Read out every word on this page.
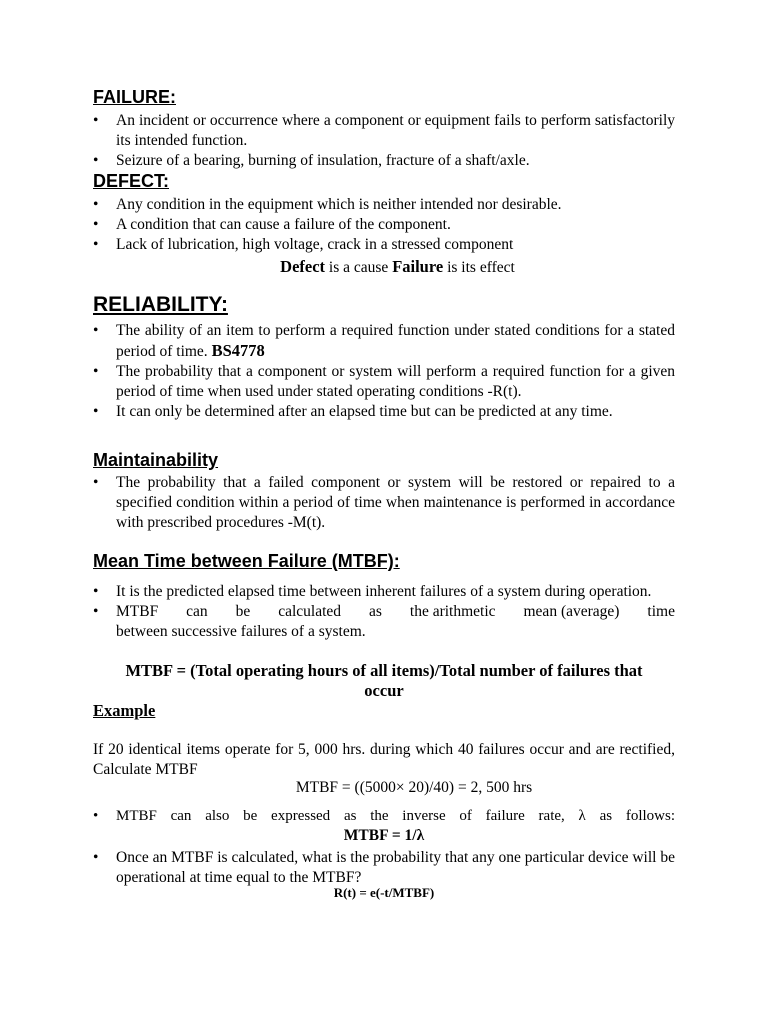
FAILURE:
• An incident or occurrence where a component or equipment fails to perform satisfactorily its intended function.
• Seizure of a bearing, burning of insulation, fracture of a shaft/axle.
DEFECT:
• Any condition in the equipment which is neither intended nor desirable.
• A condition that can cause a failure of the component.
• Lack of lubrication, high voltage, crack in a stressed component
Defect is a cause Failure is its effect
RELIABILITY:
• The ability of an item to perform a required function under stated conditions for a stated period of time. BS4778
• The probability that a component or system will perform a required function for a given period of time when used under stated operating conditions -R(t).
• It can only be determined after an elapsed time but can be predicted at any time.
Maintainability
• The probability that a failed component or system will be restored or repaired to a specified condition within a period of time when maintenance is performed in accordance with prescribed procedures -M(t).
Mean Time between Failure (MTBF):
• It is the predicted elapsed time between inherent failures of a system during operation.
• MTBF can be calculated as the arithmetic mean (average) time
between successive failures of a system.
MTBF = (Total operating hours of all items)/Total number of failures that
occur
Example
If 20 identical items operate for 5, 000 hrs. during which 40 failures occur and are rectified, Calculate MTBF
MTBF = ((5000× 20)/40) = 2, 500 hrs
• MTBF can also be expressed as the inverse of failure rate, λ as follows:
MTBF = 1/λ
• Once an MTBF is calculated, what is the probability that any one particular device will be operational at time equal to the MTBF?
R(t) = e(-t/MTBF)
